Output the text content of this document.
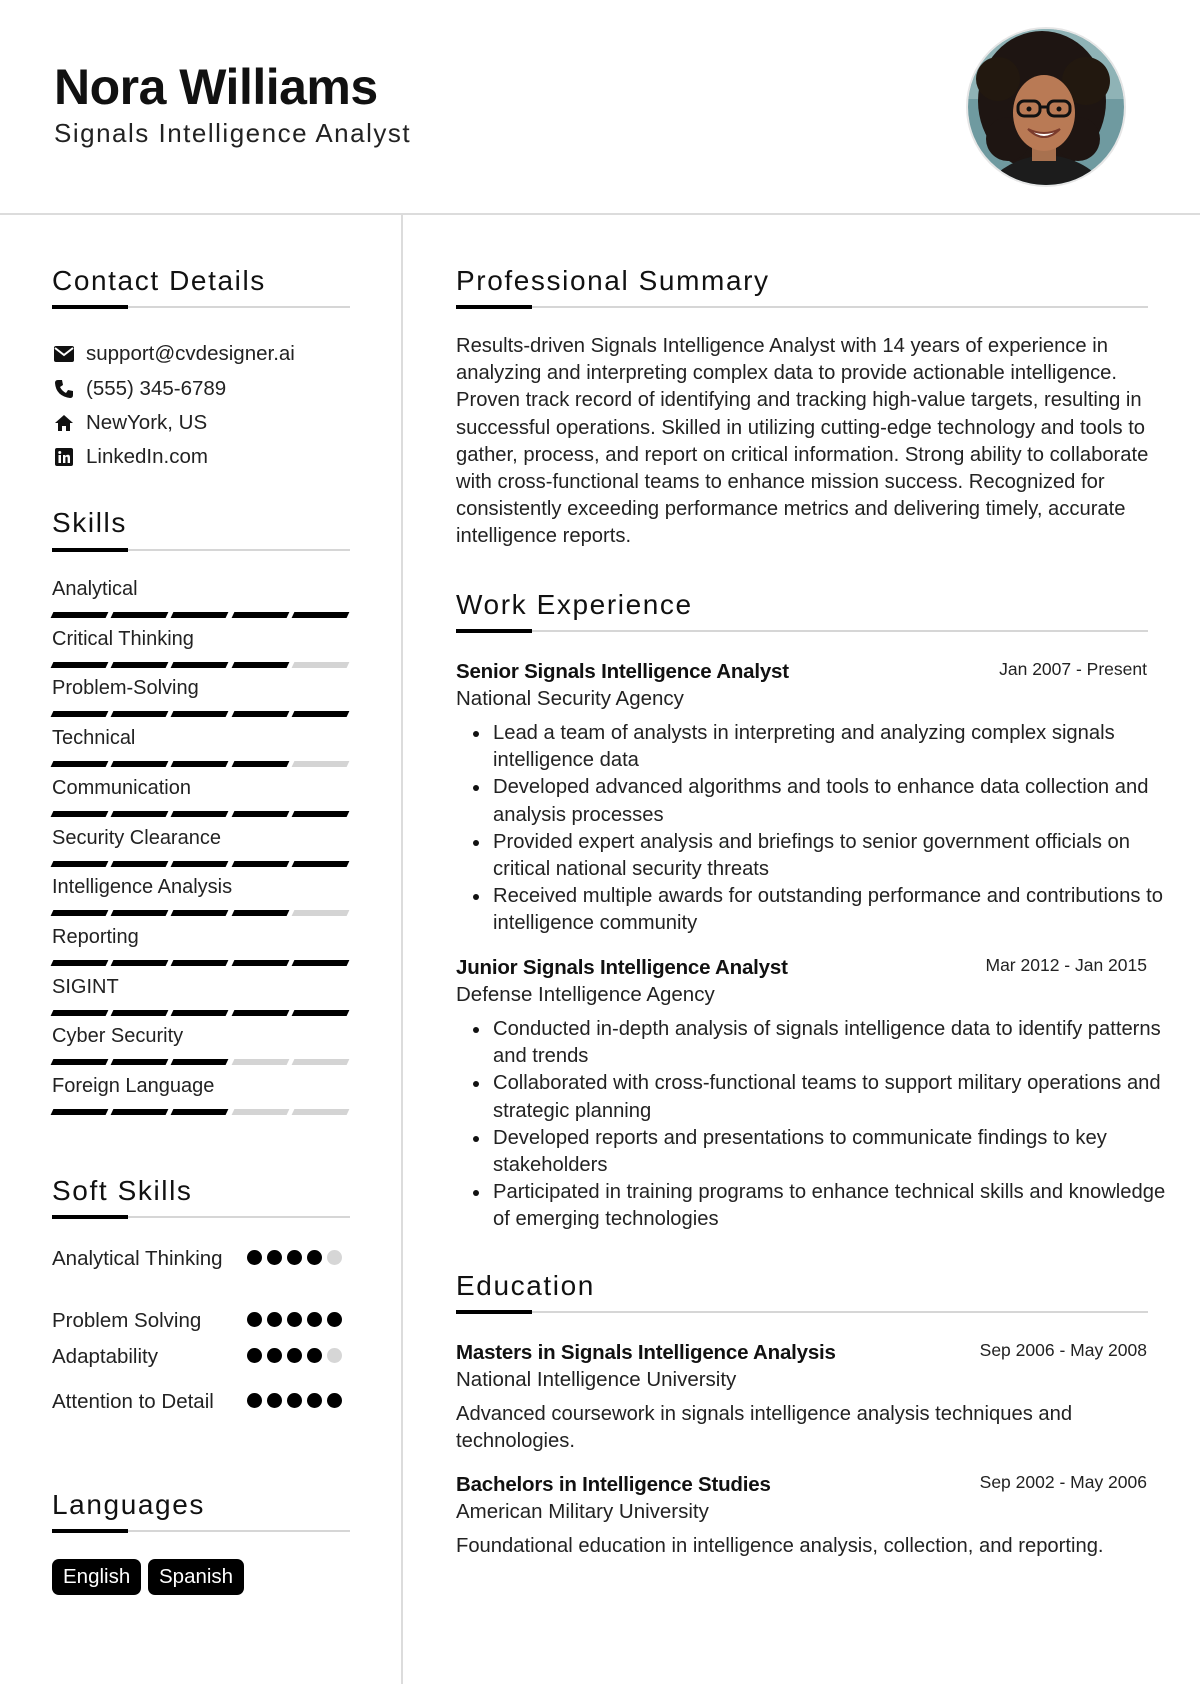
Nora Williams
Signals Intelligence Analyst
Contact Details
support@cvdesigner.ai
(555) 345-6789
NewYork, US
LinkedIn.com
Skills
Analytical
Critical Thinking
Problem-Solving
Technical
Communication
Security Clearance
Intelligence Analysis
Reporting
SIGINT
Cyber Security
Foreign Language
Soft Skills
Analytical Thinking
Problem Solving
Adaptability
Attention to Detail
Languages
English	Spanish
Professional Summary
Results-driven Signals Intelligence Analyst with 14 years of experience in analyzing and interpreting complex data to provide actionable intelligence. Proven track record of identifying and tracking high-value targets, resulting in successful operations. Skilled in utilizing cutting-edge technology and tools to gather, process, and report on critical information. Strong ability to collaborate with cross-functional teams to enhance mission success. Recognized for consistently exceeding performance metrics and delivering timely, accurate intelligence reports.
Work Experience
Senior Signals Intelligence Analyst	Jan 2007 - Present
National Security Agency
Lead a team of analysts in interpreting and analyzing complex signals intelligence data
Developed advanced algorithms and tools to enhance data collection and analysis processes
Provided expert analysis and briefings to senior government officials on critical national security threats
Received multiple awards for outstanding performance and contributions to intelligence community
Junior Signals Intelligence Analyst	Mar 2012 - Jan 2015
Defense Intelligence Agency
Conducted in-depth analysis of signals intelligence data to identify patterns and trends
Collaborated with cross-functional teams to support military operations and strategic planning
Developed reports and presentations to communicate findings to key stakeholders
Participated in training programs to enhance technical skills and knowledge of emerging technologies
Education
Masters in Signals Intelligence Analysis	Sep 2006 - May 2008
National Intelligence University
Advanced coursework in signals intelligence analysis techniques and technologies.
Bachelors in Intelligence Studies	Sep 2002 - May 2006
American Military University
Foundational education in intelligence analysis, collection, and reporting.
